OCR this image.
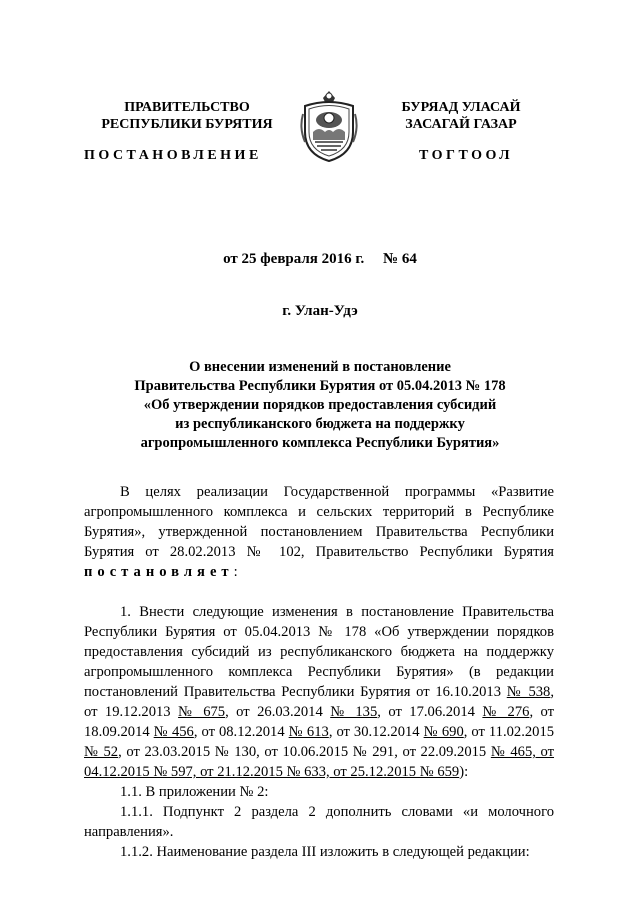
ПРАВИТЕЛЬСТВО
РЕСПУБЛИКИ БУРЯТИЯ
БУРЯАД УЛАСАЙ
ЗАСАГАЙ ГАЗАР
ПОСТАНОВЛЕНИЕ	ТОГТООЛ
от 25 февраля 2016 г.     № 64
г. Улан-Удэ
О внесении изменений в постановление
Правительства Республики Бурятия от 05.04.2013 № 178
«Об утверждении порядков предоставления субсидий
из республиканского бюджета на поддержку
агропромышленного комплекса Республики Бурятия»

В целях реализации Государственной программы «Развитие агропромышленного комплекса и сельских территорий в Республике Бурятия», утвержденной постановлением Правительства Республики Бурятия от 28.02.2013 № 102, Правительство Республики Бурятия постановляет:

1. Внести следующие изменения в постановление Правительства Республики Бурятия от 05.04.2013 № 178 «Об утверждении порядков предоставления субсидий из республиканского бюджета на поддержку агропромышленного комплекса Республики Бурятия» (в редакции постановлений Правительства Республики Бурятия от 16.10.2013 № 538, от 19.12.2013 № 675, от 26.03.2014 № 135, от 17.06.2014 № 276, от 18.09.2014 № 456, от 08.12.2014 № 613, от 30.12.2014 № 690, от 11.02.2015 № 52, от 23.03.2015 № 130, от 10.06.2015 № 291, от 22.09.2015 № 465, от 04.12.2015 № 597, от 21.12.2015 № 633, от 25.12.2015 № 659):

1.1. В приложении № 2:

1.1.1. Подпункт 2 раздела 2 дополнить словами «и молочного направления».

1.1.2. Наименование раздела III изложить в следующей редакции:
